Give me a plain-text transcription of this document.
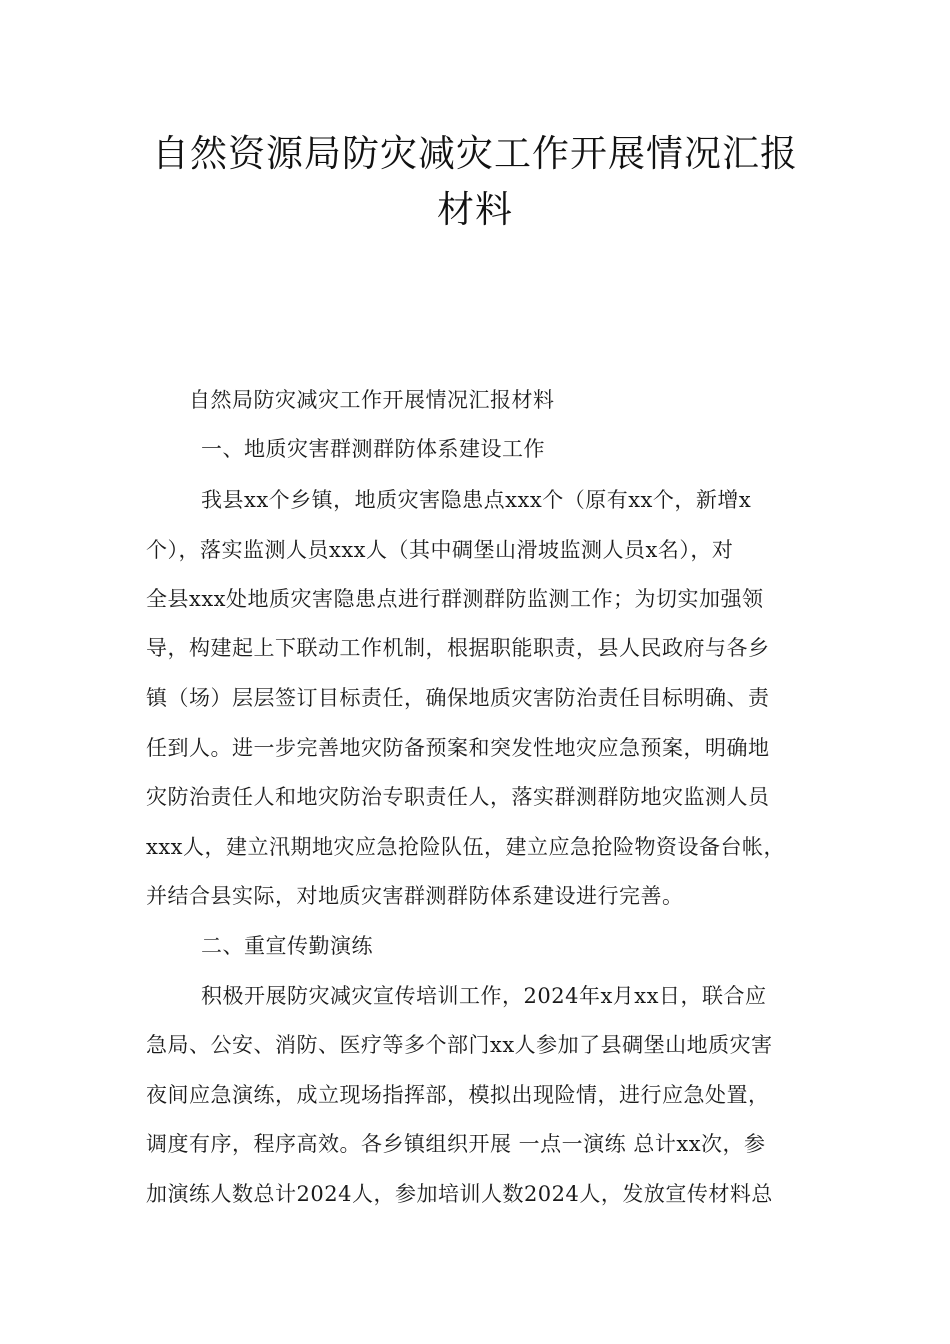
自然资源局防灾减灾工作开展情况汇报
材料

自然局防灾减灾工作开展情况汇报材料

一、地质灾害群测群防体系建设工作

我县xx个乡镇，地质灾害隐患点xxx个（原有xx个，新增x

个），落实监测人员xxx人（其中碉堡山滑坡监测人员x名），对

全县xxx处地质灾害隐患点进行群测群防监测工作；为切实加强领

导，构建起上下联动工作机制，根据职能职责，县人民政府与各乡

镇（场）层层签订目标责任，确保地质灾害防治责任目标明确、责

任到人。进一步完善地灾防备预案和突发性地灾应急预案，明确地

灾防治责任人和地灾防治专职责任人，落实群测群防地灾监测人员

xxx人，建立汛期地灾应急抢险队伍，建立应急抢险物资设备台帐，

并结合县实际，对地质灾害群测群防体系建设进行完善。

二、重宣传勤演练

积极开展防灾减灾宣传培训工作，2024年x月xx日，联合应

急局、公安、消防、医疗等多个部门xx人参加了县碉堡山地质灾害

夜间应急演练，成立现场指挥部，模拟出现险情，进行应急处置，

调度有序，程序高效。各乡镇组织开展 一点一演练 总计xx次，参

加演练人数总计2024人，参加培训人数2024人，发放宣传材料总
